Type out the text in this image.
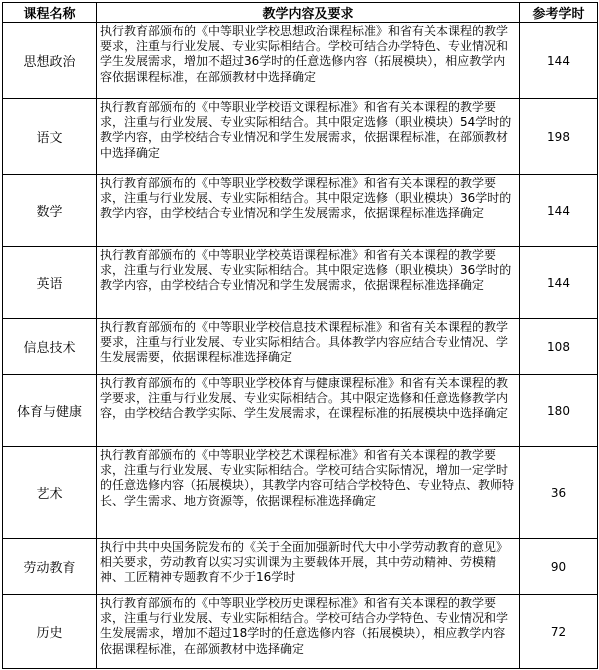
课程名称	教学内容及要求	参考学时
思想政治	执行教育部颁布的《中等职业学校思想政治课程标准》和省有关本课程的教学要求，注重与行业发展、专业实际相结合。学校可结合办学特色、专业情况和学生发展需求，增加不超过36学时的任意选修内容（拓展模块），相应教学内容依据课程标准，在部颁教材中选择确定	144
语文	执行教育部颁布的《中等职业学校语文课程标准》和省有关本课程的教学要求，注重与行业发展、专业实际相结合。其中限定选修（职业模块）54学时的教学内容，由学校结合专业情况和学生发展需求，依据课程标准，在部颁教材中选择确定	198
数学	执行教育部颁布的《中等职业学校数学课程标准》和省有关本课程的教学要求，注重与行业发展、专业实际相结合。其中限定选修（职业模块）36学时的教学内容，由学校结合专业情况和学生发展需求，依据课程标准选择确定	144
英语	执行教育部颁布的《中等职业学校英语课程标准》和省有关本课程的教学要求，注重与行业发展、专业实际相结合。其中限定选修（职业模块）36学时的教学内容，由学校结合专业情况和学生发展需求，依据课程标准选择确定	144
信息技术	执行教育部颁布的《中等职业学校信息技术课程标准》和省有关本课程的教学要求，注重与行业发展、专业实际相结合。具体教学内容应结合专业情况、学生发展需要，依据课程标准选择确定	108
体育与健康	执行教育部颁布的《中等职业学校体育与健康课程标准》和省有关本课程的教学要求，注重与行业发展、专业实际相结合。其中限定选修和任意选修教学内容，由学校结合教学实际、学生发展需求，在课程标准的拓展模块中选择确定	180
艺术	执行教育部颁布的《中等职业学校艺术课程标准》和省有关本课程的教学要求，注重与行业发展、专业实际相结合。学校可结合实际情况，增加一定学时的任意选修内容（拓展模块），其教学内容可结合学校特色、专业特点、教师特长、学生需求、地方资源等，依据课程标准选择确定	36
劳动教育	执行中共中央国务院发布的《关于全面加强新时代大中小学劳动教育的意见》相关要求，劳动教育以实习实训课为主要载体开展，其中劳动精神、劳模精神、工匠精神专题教育不少于16学时	90
历史	执行教育部颁布的《中等职业学校历史课程标准》和省有关本课程的教学要求，注重与行业发展、专业实际相结合。学校可结合办学特色、专业情况和学生发展需求，增加不超过18学时的任意选修内容（拓展模块），相应教学内容依据课程标准，在部颁教材中选择确定	72
